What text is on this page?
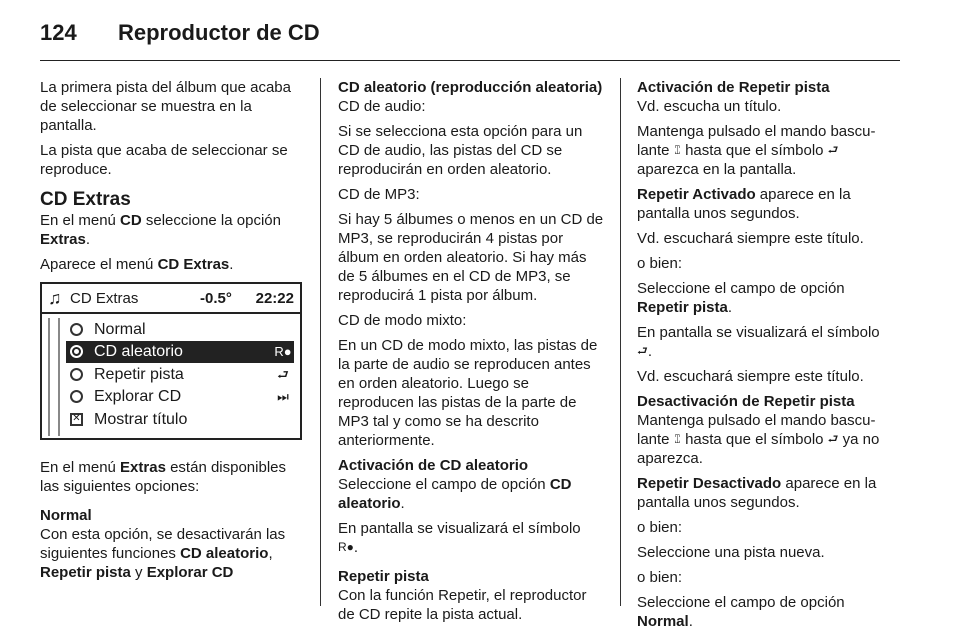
124	Reproductor de CD

La primera pista del álbum que acaba de seleccionar se muestra en la pantalla.

La pista que acaba de seleccionar se reproduce.

CD Extras

En el menú CD seleccione la opción Extras.

Aparece el menú CD Extras.

♫ CD Extras	-0.5°	22:22
Normal
CD aleatorio	R●
Repetir pista	⮐
Explorar CD	⏭
✕ Mostrar título

En el menú Extras están disponibles las siguientes opciones:

Normal

Con esta opción, se desactivarán las siguientes funciones CD aleatorio,
Repetir pista y Explorar CD

CD aleatorio (reproducción aleatoria)

CD de audio:

Si se selecciona esta opción para un CD de audio, las pistas del CD se reproducirán en orden aleatorio.

CD de MP3:

Si hay 5 álbumes o menos en un CD de MP3, se reproducirán 4 pistas por álbum en orden aleatorio. Si hay más de 5 álbumes en el CD de MP3, se reproducirá 1 pista por álbum.

CD de modo mixto:

En un CD de modo mixto, las pistas de la parte de audio se reproducen antes en orden aleatorio. Luego se reproducen las pistas de la parte de MP3 tal y como se ha descrito anteriormente.

Activación de CD aleatorio

Seleccione el campo de opción CD aleatorio.

En pantalla se visualizará el símbolo
R●.

Repetir pista

Con la función Repetir, el reproductor de CD repite la pista actual.

Activación de Repetir pista

Vd. escucha un título.

Mantenga pulsado el mando basculante ⑄ hasta que el símbolo ⮐ aparezca en la pantalla.

Repetir Activado aparece en la pantalla unos segundos.

Vd. escuchará siempre este título.

o bien:

Seleccione el campo de opción
Repetir pista.

En pantalla se visualizará el símbolo
⮐.

Vd. escuchará siempre este título.

Desactivación de Repetir pista

Mantenga pulsado el mando basculante ⑄ hasta que el símbolo ⮐ ya no aparezca.

Repetir Desactivado aparece en la pantalla unos segundos.

o bien:

Seleccione una pista nueva.

o bien:

Seleccione el campo de opción
Normal.
